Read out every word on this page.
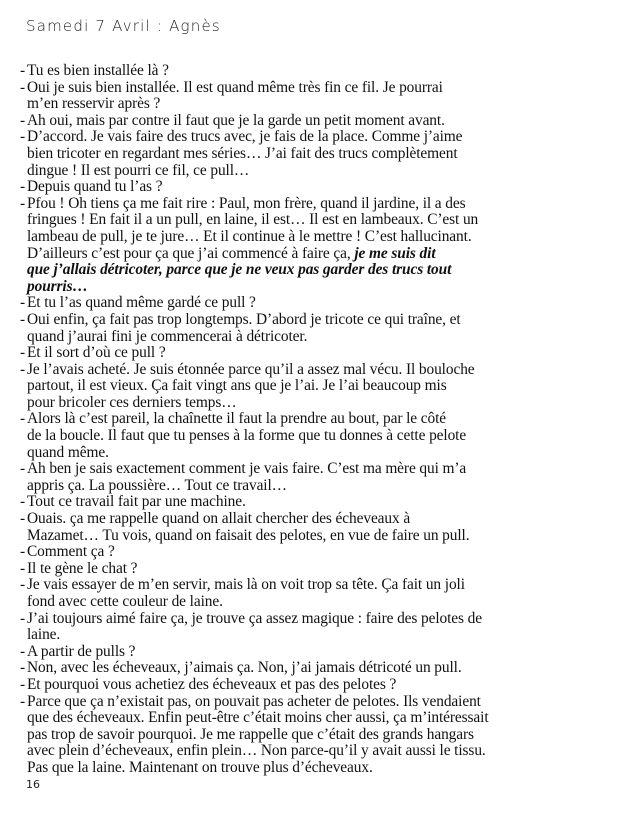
Samedi 7 Avril : Agnès
- Tu es bien installée là ?
- Oui je suis bien installée. Il est quand même très fin ce fil. Je pourrai
m’en resservir après ?
- Ah oui, mais par contre il faut que je la garde un petit moment avant.
- D’accord. Je vais faire des trucs avec, je fais de la place. Comme j’aime
bien tricoter en regardant mes séries… J’ai fait des trucs complètement
dingue ! Il est pourri ce fil, ce pull…
- Depuis quand tu l’as ?
- Pfou ! Oh tiens ça me fait rire : Paul, mon frère, quand il jardine, il a des
fringues ! En fait il a un pull, en laine, il est… Il est en lambeaux. C’est un
lambeau de pull, je te jure… Et il continue à le mettre ! C’est hallucinant.
D’ailleurs c’est pour ça que j’ai commencé à faire ça, je me suis dit
que j’allais détricoter, parce que je ne veux pas garder des trucs tout
pourris…
- Et tu l’as quand même gardé ce pull ?
- Oui enfin, ça fait pas trop longtemps. D’abord je tricote ce qui traîne, et
quand j’aurai fini je commencerai à détricoter.
- Et il sort d’où ce pull ?
- Je l’avais acheté. Je suis étonnée parce qu’il a assez mal vécu. Il bouloche
partout, il est vieux. Ça fait vingt ans que je l’ai. Je l’ai beaucoup mis
pour bricoler ces derniers temps…
- Alors là c’est pareil, la chaînette il faut la prendre au bout, par le côté
de la boucle. Il faut que tu penses à la forme que tu donnes à cette pelote
quand même.
- Ah ben je sais exactement comment je vais faire. C’est ma mère qui m’a
appris ça. La poussière… Tout ce travail…
- Tout ce travail fait par une machine.
- Ouais. ça me rappelle quand on allait chercher des écheveaux à
Mazamet… Tu vois, quand on faisait des pelotes, en vue de faire un pull.
- Comment ça ?
- Il te gène le chat ?
- Je vais essayer de m’en servir, mais là on voit trop sa tête. Ça fait un joli
fond avec cette couleur de laine.
- J’ai toujours aimé faire ça, je trouve ça assez magique : faire des pelotes de
laine.
- A partir de pulls ?
- Non, avec les écheveaux, j’aimais ça. Non, j’ai jamais détricoté un pull.
- Et pourquoi vous achetiez des écheveaux et pas des pelotes ?
- Parce que ça n’existait pas, on pouvait pas acheter de pelotes. Ils vendaient
que des écheveaux. Enfin peut-être c’était moins cher aussi, ça m’intéressait
pas trop de savoir pourquoi. Je me rappelle que c’était des grands hangars
avec plein d’écheveaux, enfin plein… Non parce-qu’il y avait aussi le tissu.
Pas que la laine. Maintenant on trouve plus d’écheveaux.
16
